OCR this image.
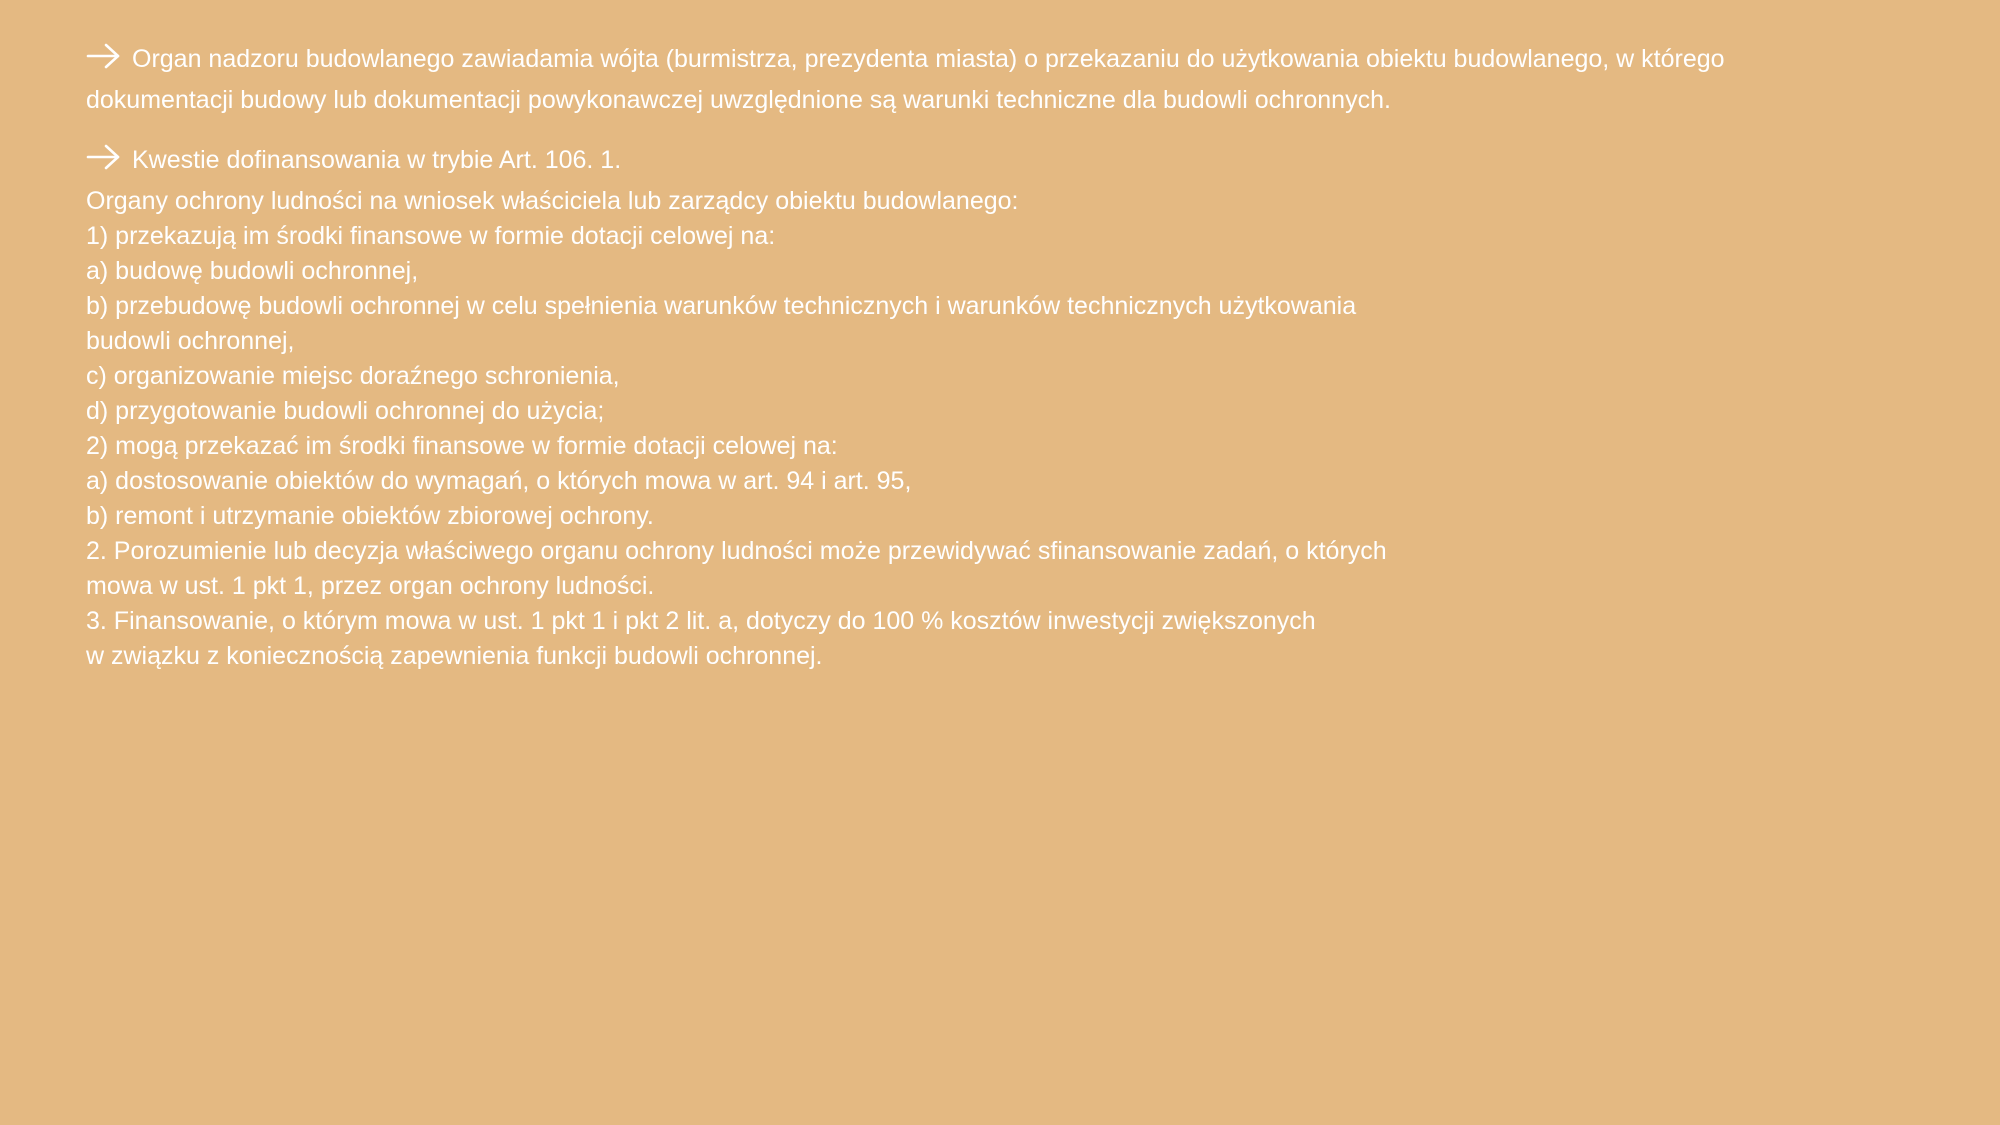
Organ nadzoru budowlanego zawiadamia wójta (burmistrza, prezydenta miasta) o przekazaniu do użytkowania obiektu budowlanego, w którego
dokumentacji budowy lub dokumentacji powykonawczej uwzględnione są warunki techniczne dla budowli ochronnych.

Kwestie dofinansowania w trybie Art. 106. 1.

Organy ochrony ludności na wniosek właściciela lub zarządcy obiektu budowlanego:
1) przekazują im środki finansowe w formie dotacji celowej na:
a) budowę budowli ochronnej,
b) przebudowę budowli ochronnej w celu spełnienia warunków technicznych i warunków technicznych użytkowania
budowli ochronnej,
c) organizowanie miejsc doraźnego schronienia,
d) przygotowanie budowli ochronnej do użycia;
2) mogą przekazać im środki finansowe w formie dotacji celowej na:
a) dostosowanie obiektów do wymagań, o których mowa w art. 94 i art. 95,
b) remont i utrzymanie obiektów zbiorowej ochrony.
2. Porozumienie lub decyzja właściwego organu ochrony ludności może przewidywać sfinansowanie zadań, o których
mowa w ust. 1 pkt 1, przez organ ochrony ludności.
3. Finansowanie, o którym mowa w ust. 1 pkt 1 i pkt 2 lit. a, dotyczy do 100 % kosztów inwestycji zwiększonych
w związku z koniecznością zapewnienia funkcji budowli ochronnej.
